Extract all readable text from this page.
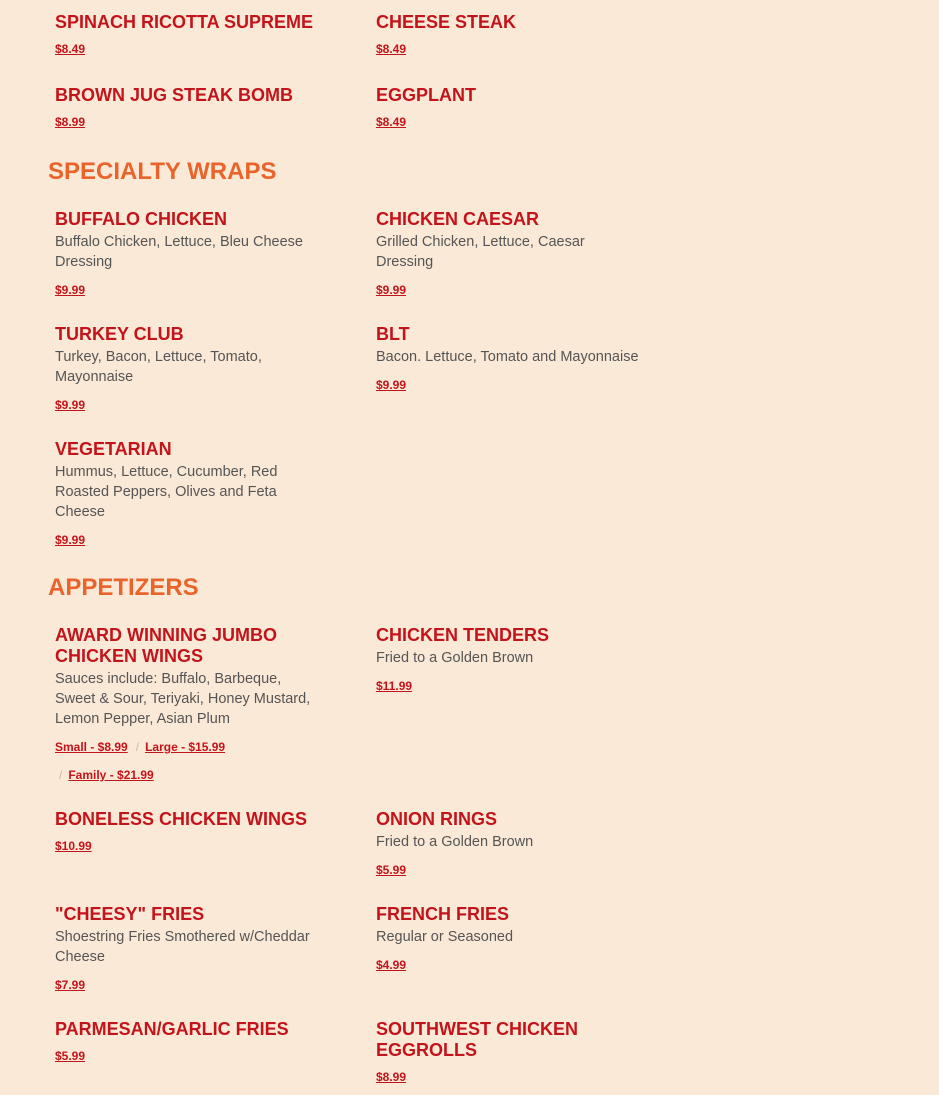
SPINACH RICOTTA SUPREME
$8.49
CHEESE STEAK
$8.49
BROWN JUG STEAK BOMB
$8.99
EGGPLANT
$8.49
SPECIALTY WRAPS
BUFFALO CHICKEN

Buffalo Chicken, Lettuce, Bleu Cheese Dressing

$9.99
CHICKEN CAESAR

Grilled Chicken, Lettuce, Caesar Dressing

$9.99
TURKEY CLUB

Turkey, Bacon, Lettuce, Tomato, Mayonnaise

$9.99
BLT

Bacon. Lettuce, Tomato and Mayonnaise

$9.99
VEGETARIAN

Hummus, Lettuce, Cucumber, Red Roasted Peppers, Olives and Feta Cheese

$9.99
APPETIZERS
AWARD WINNING JUMBO CHICKEN WINGS

Sauces include: Buffalo, Barbeque, Sweet & Sour, Teriyaki, Honey Mustard, Lemon Pepper, Asian Plum

Small - $8.99 / Large - $15.99
/ Family - $21.99
CHICKEN TENDERS

Fried to a Golden Brown

$11.99
BONELESS CHICKEN WINGS
$10.99
ONION RINGS

Fried to a Golden Brown

$5.99
"CHEESY" FRIES

Shoestring Fries Smothered w/Cheddar Cheese

$7.99
FRENCH FRIES

Regular or Seasoned

$4.99
PARMESAN/GARLIC FRIES
$5.99
SOUTHWEST CHICKEN EGGROLLS
$8.99
